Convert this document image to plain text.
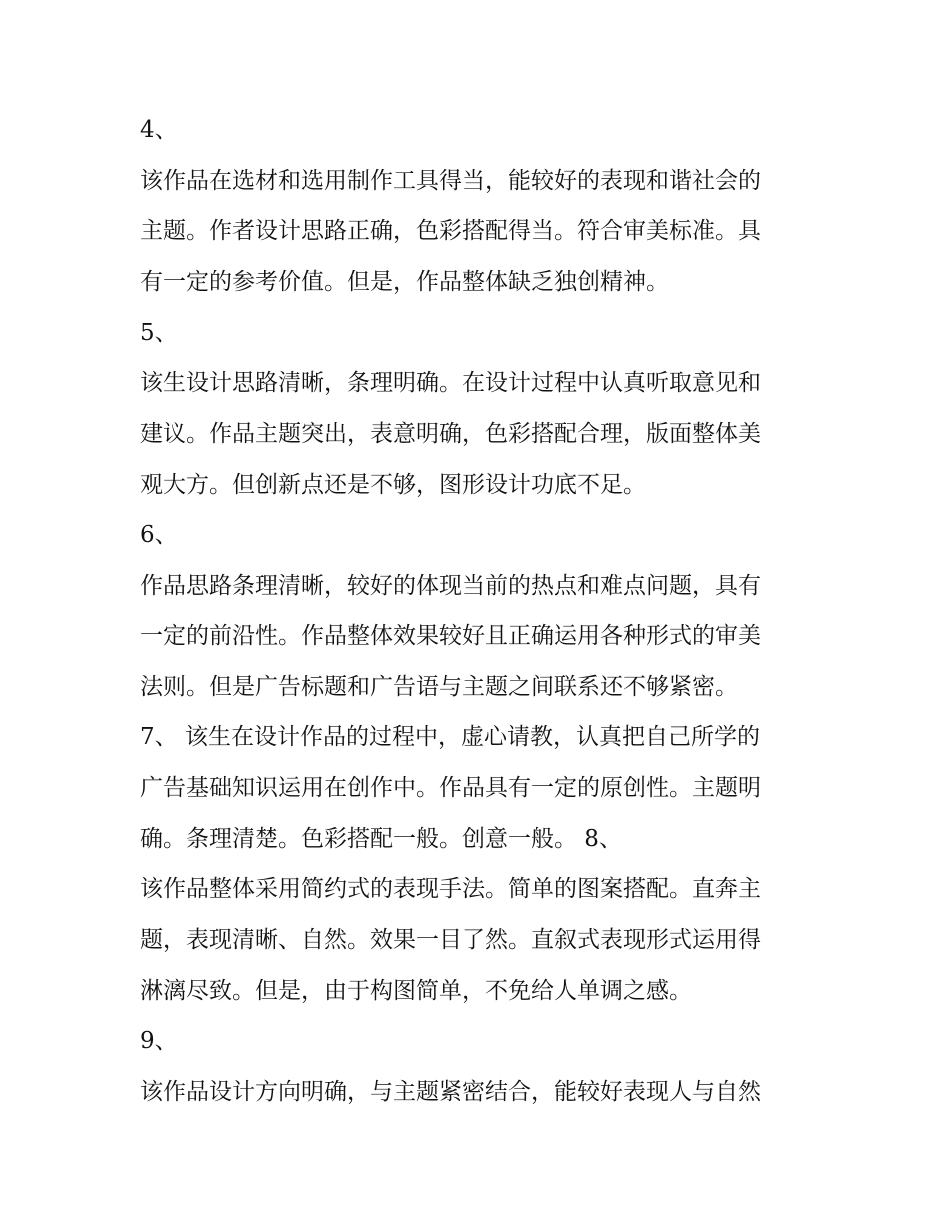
4、
该作品在选材和选用制作工具得当，能较好的表现和谐社会的
主题。作者设计思路正确，色彩搭配得当。符合审美标准。具
有一定的参考价值。但是，作品整体缺乏独创精神。
5、
该生设计思路清晰，条理明确。在设计过程中认真听取意见和
建议。作品主题突出，表意明确，色彩搭配合理，版面整体美
观大方。但创新点还是不够，图形设计功底不足。
6、
作品思路条理清晰，较好的体现当前的热点和难点问题，具有
一定的前沿性。作品整体效果较好且正确运用各种形式的审美
法则。但是广告标题和广告语与主题之间联系还不够紧密。
7、 该生在设计作品的过程中，虚心请教，认真把自己所学的
广告基础知识运用在创作中。作品具有一定的原创性。主题明
确。条理清楚。色彩搭配一般。创意一般。 8、
该作品整体采用简约式的表现手法。简单的图案搭配。直奔主
题，表现清晰、自然。效果一目了然。直叙式表现形式运用得
淋漓尽致。但是，由于构图简单，不免给人单调之感。
9、
该作品设计方向明确，与主题紧密结合，能较好表现人与自然
